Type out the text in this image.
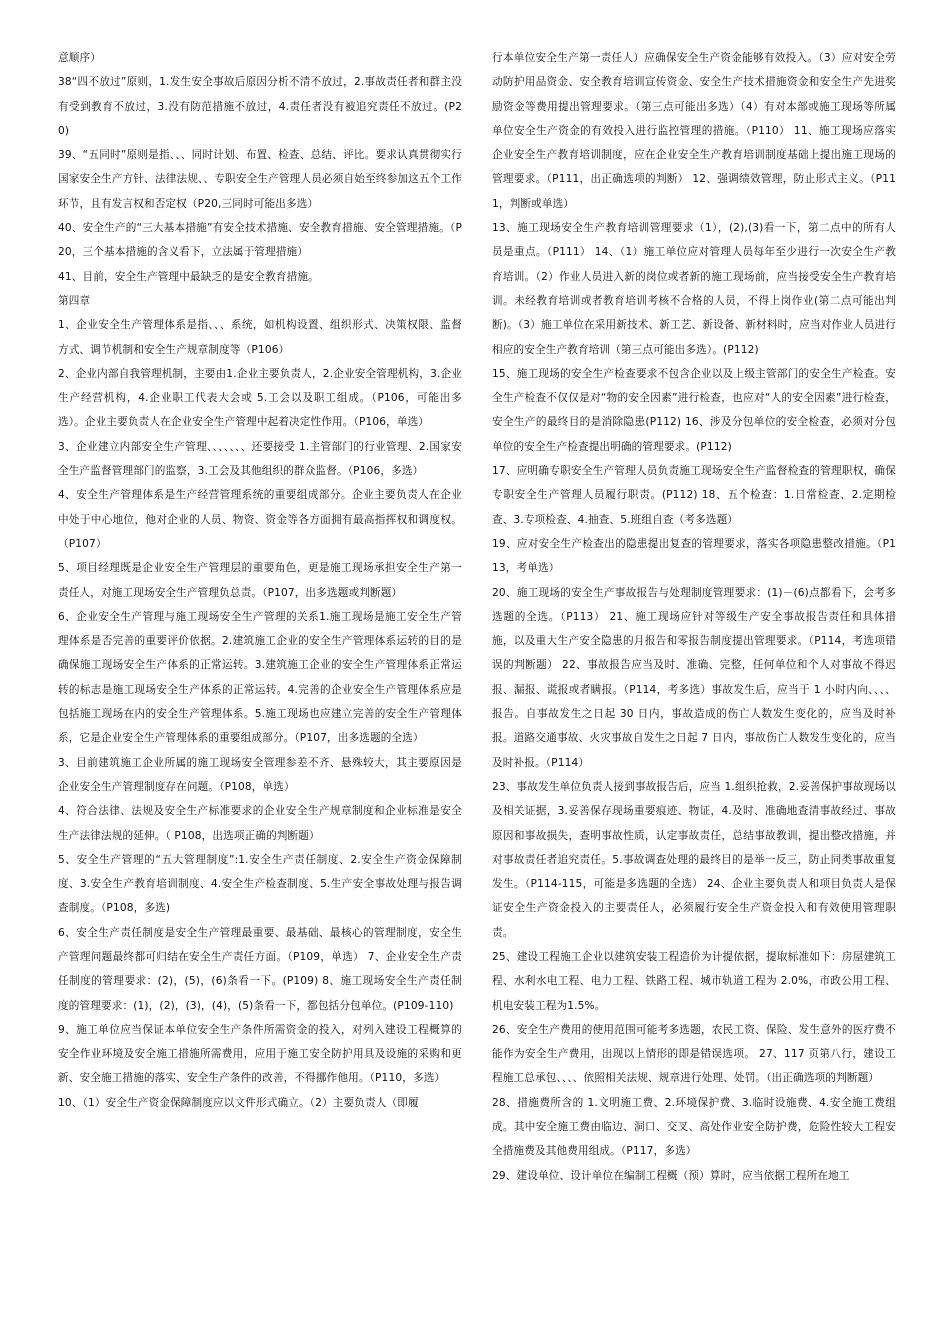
意顺序）

38“四不放过”原则，1.发生安全事故后原因分析不清不放过，2.事故责任者和群主没有受到教育不放过，3.没有防范措施不放过，4.责任者没有被追究责任不放过。(P20)

39、“五同时”原则是指、、、同时计划、布置、检查、总结、评比。要求认真贯彻实行国家安全生产方针、法律法规、、专职安全生产管理人员必须自始至终参加这五个工作环节，且有发言权和否定权（P20,三同时可能出多选）

40、安全生产的“三大基本措施”有安全技术措施、安全教育措施、安全管理措施。（P20，三个基本措施的含义看下，立法属于管理措施）

41、目前，安全生产管理中最缺乏的是安全教育措施。

第四章

1、企业安全生产管理体系是指、、、系统，如机构设置、组织形式、决策权限、监督方式、调节机制和安全生产规章制度等（P106）

2、企业内部自我管理机制，主要由1.企业主要负责人，2.企业安全管理机构，3.企业生产经营机构，4.企业职工代表大会或 5.工会以及职工组成。（P106，可能出多选）。企业主要负责人在企业安全生产管理中起着决定性作用。（P106，单选）

3、企业建立内部安全生产管理、、、、、、、还要接受 1.主管部门的行业管理、2.国家安全生产监督管理部门的监察，3.工会及其他组织的群众监督。（P106，多选）

4、安全生产管理体系是生产经营管理系统的重要组成部分。企业主要负责人在企业中处于中心地位，他对企业的人员、物资、资金等各方面拥有最高指挥权和调度权。（P107）

5、项目经理既是企业安全生产管理层的重要角色，更是施工现场承担安全生产第一责任人，对施工现场安全生产管理负总责。（P107，出多选题或判断题）

6、企业安全生产管理与施工现场安全生产管理的关系1.施工现场是施工安全生产管理体系是否完善的重要评价依据。2.建筑施工企业的安全生产管理体系运转的目的是确保施工现场安全生产体系的正常运转。3.建筑施工企业的安全生产管理体系正常运转的标志是施工现场安全生产体系的正常运转。4.完善的企业安全生产管理体系应是包括施工现场在内的安全生产管理体系。5.施工现场也应建立完善的安全生产管理体系，它是企业安全生产管理体系的重要组成部分。（P107，出多选题的全选）

3、目前建筑施工企业所属的施工现场安全管理参差不齐、悬殊较大，其主要原因是企业安全生产管理制度存在问题。（P108，单选）

4、符合法律、法规及安全生产标准要求的企业安全生产规章制度和企业标准是安全生产法律法规的延伸。（ P108，出选项正确的判断题）

5、安全生产管理的“五大管理制度”:1.安全生产责任制度、2.安全生产资金保障制度、3.安全生产教育培训制度、4.安全生产检查制度、5.生产安全事故处理与报告调查制度。（P108，多选)

6、安全生产责任制度是安全生产管理最重要、最基础、最核心的管理制度，安全生产管理问题最终都可归结在安全生产责任方面。（P109，单选） 7、企业安全生产责任制度的管理要求：(2)，(5)，(6)条看一下。(P109) 8、施工现场安全生产责任制度的管理要求：(1)，(2)，(3)，(4)，(5)条看一下，都包括分包单位。(P109-110)

9、施工单位应当保证本单位安全生产条件所需资金的投入，对列入建设工程概算的安全作业环境及安全施工措施所需费用，应用于施工安全防护用具及设施的采购和更新、安全施工措施的落实、安全生产条件的改善，不得挪作他用。（P110，多选）

10、（1）安全生产资金保障制度应以文件形式确立。（2）主要负责人（即履

行本单位安全生产第一责任人）应确保安全生产资金能够有效投入。（3）应对安全劳动防护用品资金、安全教育培训宣传资金、安全生产技术措施资金和安全生产先进奖励资金等费用提出管理要求。（第三点可能出多选）（4）有对本部或施工现场等所属单位安全生产资金的有效投入进行监控管理的措施。（P110） 11、施工现场应落实企业安全生产教育培训制度，应在企业安全生产教育培训制度基础上提出施工现场的管理要求。（P111，出正确选项的判断） 12、强调绩效管理，防止形式主义。（P111，判断或单选）

13、施工现场安全生产教育培训管理要求（1），(2),(3)看一下，第二点中的所有人员是重点。（P111） 14、（1）施工单位应对管理人员每年至少进行一次安全生产教育培训。（2）作业人员进入新的岗位或者新的施工现场前，应当接受安全生产教育培训。未经教育培训或者教育培训考核不合格的人员，不得上岗作业(第二点可能出判断)。（3）施工单位在采用新技术、新工艺、新设备、新材料时，应当对作业人员进行相应的安全生产教育培训（第三点可能出多选）。(P112)

15、施工现场的安全生产检查要求不包含企业以及上级主管部门的安全生产检查。安全生产检查不仅仅是对“物的安全因素”进行检查，也应对“人的安全因素”进行检查，安全生产的最终目的是消除隐患(P112) 16、涉及分包单位的安全检查，必须对分包单位的安全生产检查提出明确的管理要求。(P112)

17、应明确专职安全生产管理人员负责施工现场安全生产监督检查的管理职权，确保专职安全生产管理人员履行职责。(P112) 18、五个检查：1.日常检查、2.定期检查、3.专项检查、4.抽查、5.班组自查（考多选题）

19、应对安全生产检查出的隐患提出复查的管理要求，落实各项隐患整改措施。（P113，考单选）

20、施工现场的安全生产事故报告与处理制度管理要求：(1)－(6)点都看下，会考多选题的全选。（P113） 21、施工现场应针对等级生产安全事故报告责任和具体措施，以及重大生产安全隐患的月报告和零报告制度提出管理要求。（P114，考选项错误的判断题） 22、事故报告应当及时、准确、完整，任何单位和个人对事故不得迟报、漏报、谎报或者瞒报。（P114，考多选）事故发生后，应当于 1 小时内向、、、、报告。自事故发生之日起 30 日内，事故造成的伤亡人数发生变化的，应当及时补报。道路交通事故、火灾事故自发生之日起 7 日内，事故伤亡人数发生变化的，应当及时补报。（P114）

23、事故发生单位负责人接到事故报告后，应当 1.组织抢救，2.妥善保护事故现场以及相关证据，3.妥善保存现场重要痕迹、物证，4.及时、准确地查清事故经过、事故原因和事故损失，查明事故性质，认定事故责任，总结事故教训，提出整改措施，并对事故责任者追究责任。5.事故调查处理的最终目的是举一反三，防止同类事故重复发生。（P114-115，可能是多选题的全选） 24、企业主要负责人和项目负责人是保证安全生产资金投入的主要责任人，必须履行安全生产资金投入和有效使用管理职责。

25、建设工程施工企业以建筑安装工程造价为计提依据，提取标准如下：房屋建筑工程、水利水电工程、电力工程、铁路工程、城市轨道工程为 2.0%，市政公用工程、机电安装工程为1.5%。

26、安全生产费用的使用范围可能考多选题，农民工资、保险、发生意外的医疗费不能作为安全生产费用，出现以上情形的即是错误选项。 27、117 页第八行，建设工程施工总承包、、、、依照相关法规、规章进行处理、处罚。（出正确选项的判断题）

28、措施费所含的 1.文明施工费、2.环境保护费、3.临时设施费、4.安全施工费组成。其中安全施工费由临边、洞口、交叉、高处作业安全防护费，危险性较大工程安全措施费及其他费用组成。（P117，多选）

29、建设单位、设计单位在编制工程概（预）算时，应当依据工程所在地工
